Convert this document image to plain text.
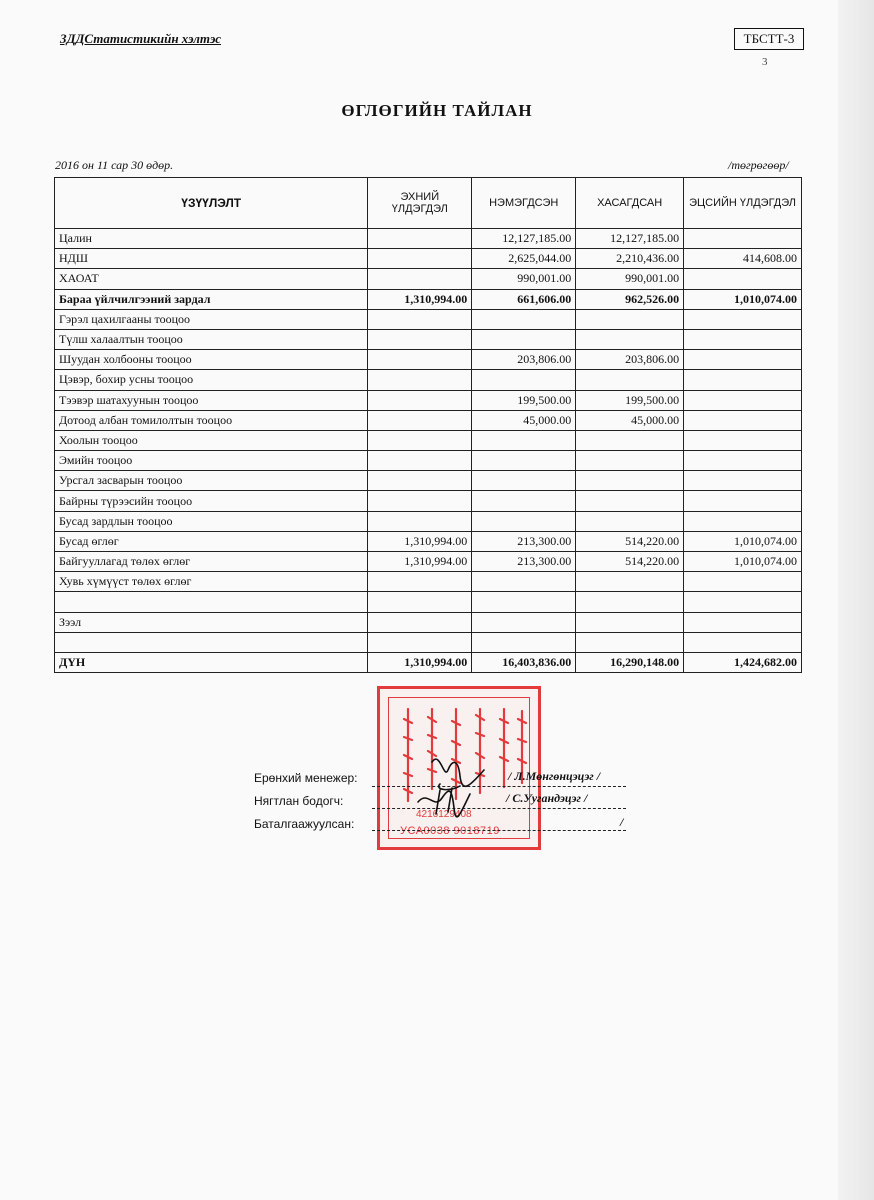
ЗДДСтатистикийн хэлтэс	ТБСТТ-3
3
ӨГЛӨГИЙН ТАЙЛАН
2016 он 11 сар 30 өдөр.	/төгрөгөөр/
ҮЗҮҮЛЭЛТ	ЭХНИЙ ҮЛДЭГДЭЛ	НЭМЭГДСЭН	ХАСАГДСАН	ЭЦСИЙН ҮЛДЭГДЭЛ
Цалин		12,127,185.00	12,127,185.00	
НДШ		2,625,044.00	2,210,436.00	414,608.00
ХАОАТ		990,001.00	990,001.00	
Бараа үйлчилгээний зардал	1,310,994.00	661,606.00	962,526.00	1,010,074.00
Гэрэл цахилгааны тооцоо				
Түлш халаалтын тооцоо				
Шуудан холбооны тооцоо		203,806.00	203,806.00	
Цэвэр, бохир усны тооцоо				
Тээвэр шатахуунын тооцоо		199,500.00	199,500.00	
Дотоод албан томилолтын тооцоо		45,000.00	45,000.00	
Хоолын тооцоо				
Эмийн тооцоо				
Урсгал засварын тооцоо				
Байрны түрээсийн тооцоо				
Бусад зардлын тооцоо				
Бусад өглөг	1,310,994.00	213,300.00	514,220.00	1,010,074.00
Байгууллагад төлөх өглөг	1,310,994.00	213,300.00	514,220.00	1,010,074.00
Хувь хүмүүст төлөх өглөг				

Зээл				

ДҮН	1,310,994.00	16,403,836.00	16,290,148.00	1,424,682.00
4216129408
УСА0038 9018719
Ерөнхий менежер:	/ Л.Мөнгөнцэцэг /
Нягтлан бодогч:	/ С.Уугандэцэг /
Баталгаажуулсан:	/
